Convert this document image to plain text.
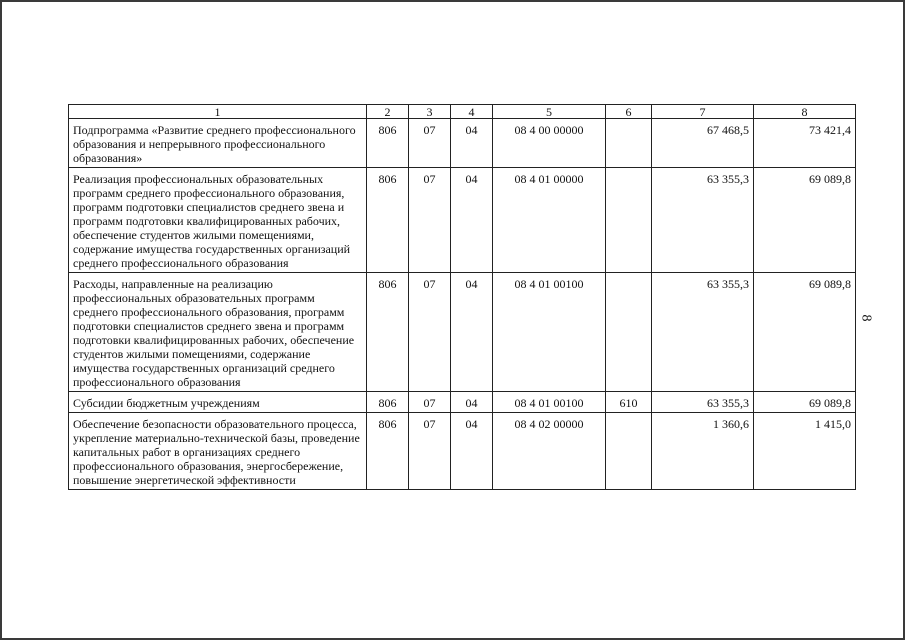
1	2	3	4	5	6	7	8
Подпрограмма «Развитие среднего профессионального образования и непрерывного профессионального образования»	806	07	04	08 4 00 00000		67 468,5	73 421,4
Реализация профессиональных образовательных программ среднего профессионального образования, программ подготовки специалистов среднего звена и программ подготовки квалифицированных рабочих, обеспечение студентов жилыми помещениями, содержание имущества государственных организаций среднего профессионального образования	806	07	04	08 4 01 00000		63 355,3	69 089,8
Расходы, направленные на реализацию профессиональных образовательных программ среднего профессионального образования, программ подготовки специалистов среднего звена и программ подготовки квалифицированных рабочих, обеспечение студентов жилыми помещениями, содержание имущества государственных организаций среднего профессионального образования	806	07	04	08 4 01 00100		63 355,3	69 089,8
Субсидии бюджетным учреждениям	806	07	04	08 4 01 00100	610	63 355,3	69 089,8
Обеспечение безопасности образовательного процесса, укрепление материально-технической базы, проведение капитальных работ в организациях среднего профессионального образования, энергосбережение, повышение энергетической эффективности	806	07	04	08 4 02 00000		1 360,6	1 415,0
8
